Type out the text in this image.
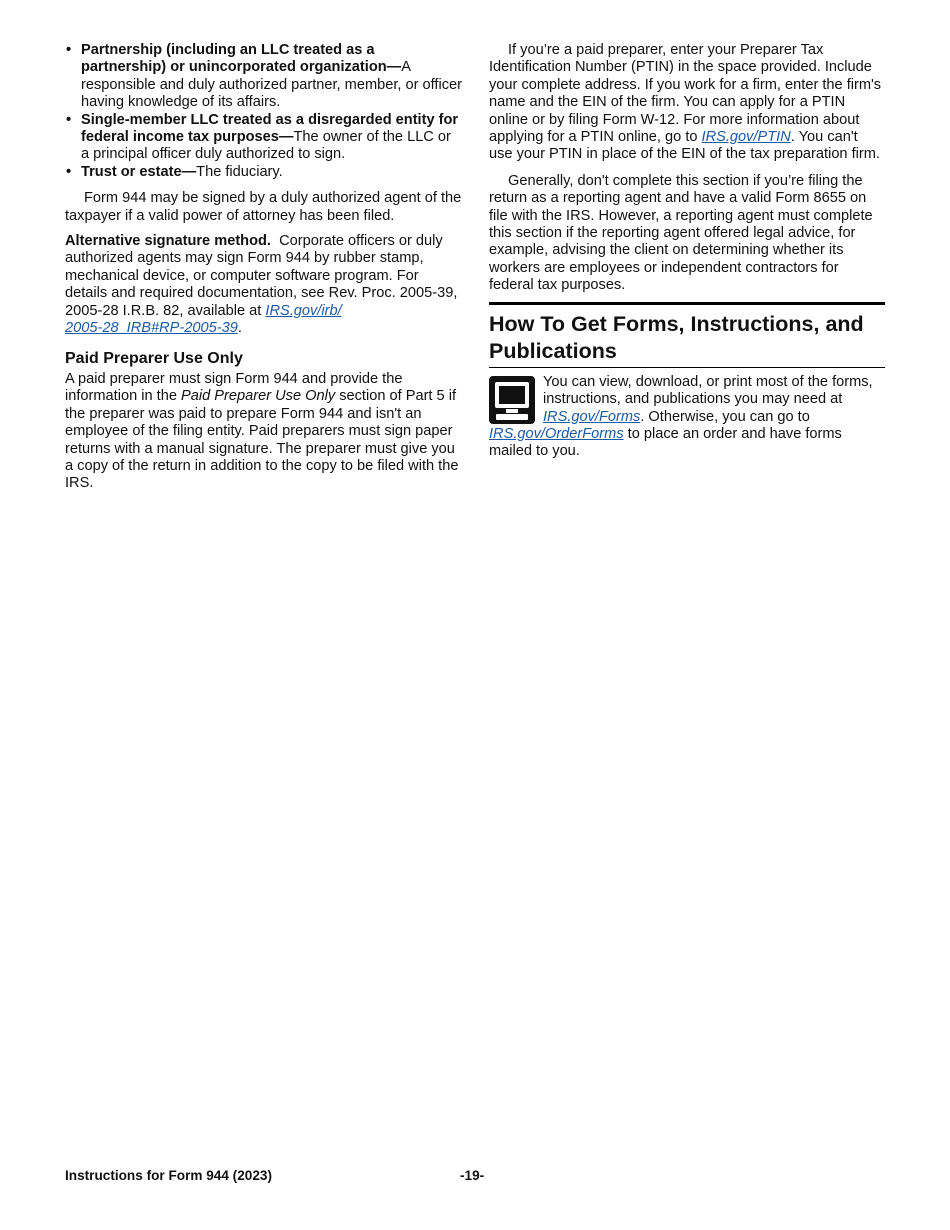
• Partnership (including an LLC treated as a partnership) or unincorporated organization—A responsible and duly authorized partner, member, or officer having knowledge of its affairs.

• Single-member LLC treated as a disregarded entity for federal income tax purposes—The owner of the LLC or a principal officer duly authorized to sign.

• Trust or estate—The fiduciary.

Form 944 may be signed by a duly authorized agent of the taxpayer if a valid power of attorney has been filed.

Alternative signature method. Corporate officers or duly authorized agents may sign Form 944 by rubber stamp, mechanical device, or computer software program. For details and required documentation, see Rev. Proc. 2005-39, 2005-28 I.R.B. 82, available at IRS.gov/irb/
2005-28_IRB#RP-2005-39.

Paid Preparer Use Only

A paid preparer must sign Form 944 and provide the information in the Paid Preparer Use Only section of Part 5 if the preparer was paid to prepare Form 944 and isn't an employee of the filing entity. Paid preparers must sign paper returns with a manual signature. The preparer must give you a copy of the return in addition to the copy to be filed with the IRS.

If you’re a paid preparer, enter your Preparer Tax Identification Number (PTIN) in the space provided. Include your complete address. If you work for a firm, enter the firm's name and the EIN of the firm. You can apply for a PTIN online or by filing Form W-12. For more information about applying for a PTIN online, go to IRS.gov/PTIN. You can't use your PTIN in place of the EIN of the tax preparation firm.

Generally, don't complete this section if you’re filing the return as a reporting agent and have a valid Form 8655 on file with the IRS. However, a reporting agent must complete this section if the reporting agent offered legal advice, for example, advising the client on determining whether its workers are employees or independent contractors for federal tax purposes.

How To Get Forms, Instructions, and Publications

You can view, download, or print most of the forms, instructions, and publications you may need at IRS.gov/Forms. Otherwise, you can go to IRS.gov/OrderForms to place an order and have forms mailed to you.

Instructions for Form 944 (2023)	-19-
